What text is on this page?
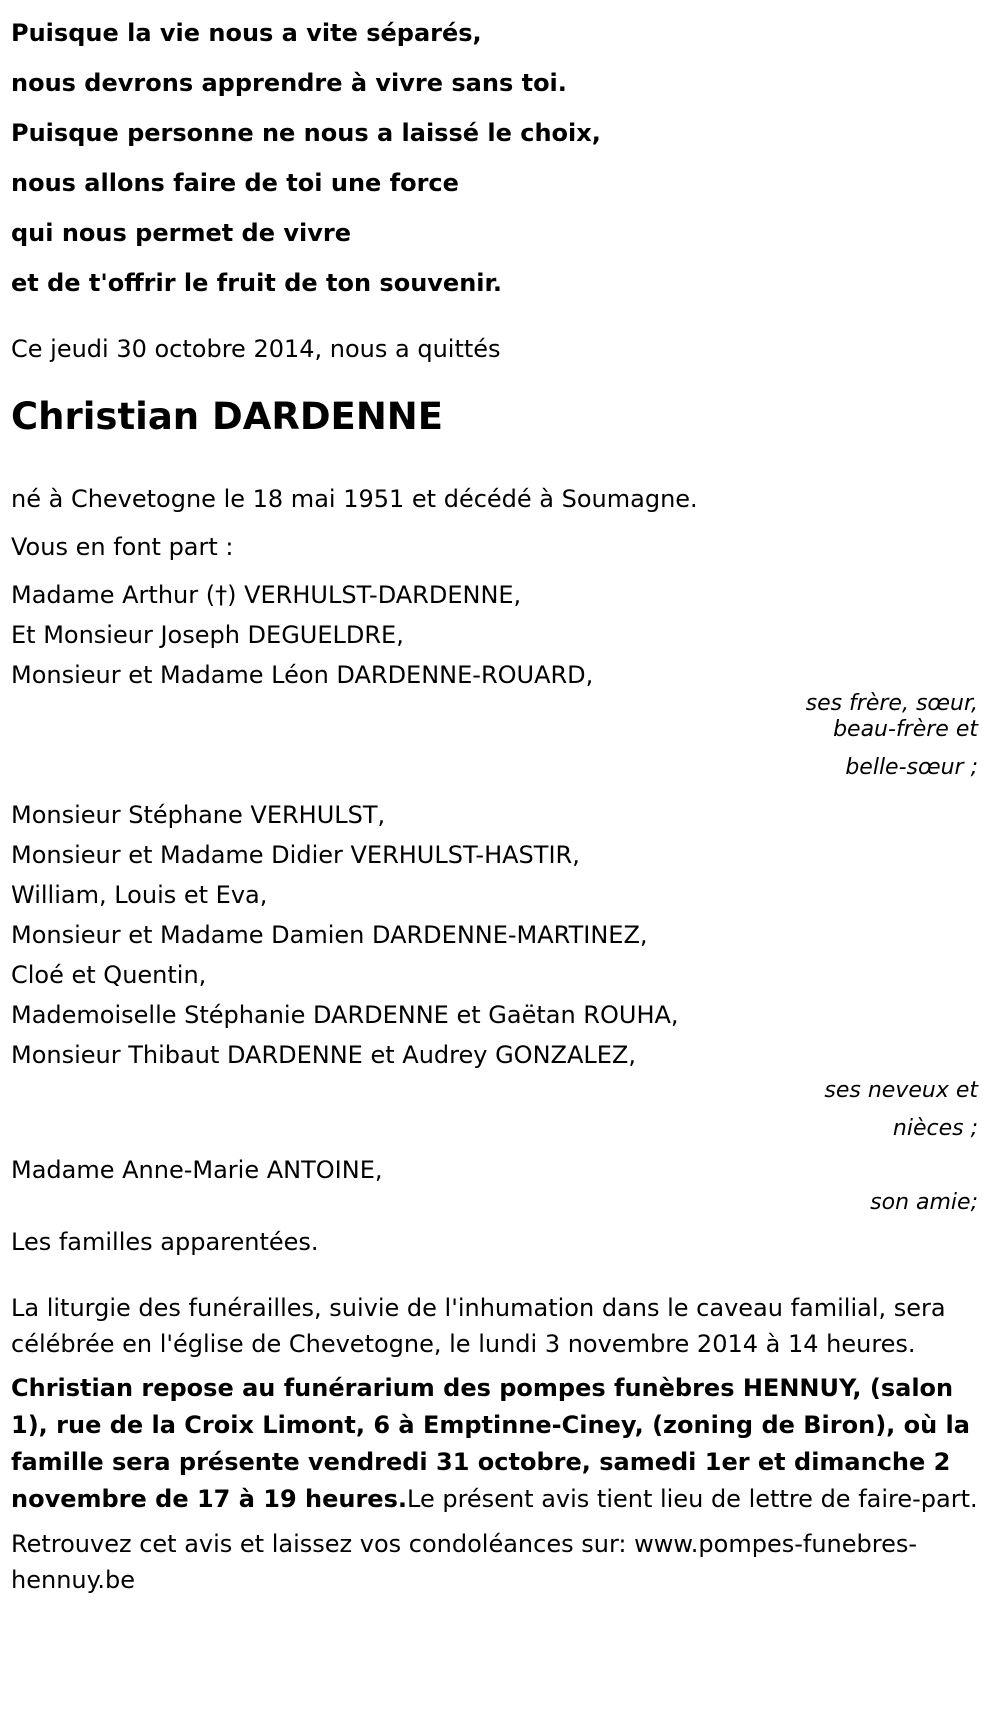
Puisque la vie nous a vite séparés,
nous devrons apprendre à vivre sans toi.
Puisque personne ne nous a laissé le choix,
nous allons faire de toi une force
qui nous permet de vivre
et de t'offrir le fruit de ton souvenir.
Ce jeudi 30 octobre 2014, nous a quittés
Christian DARDENNE
né à Chevetogne le 18 mai 1951 et décédé à Soumagne.
Vous en font part :
Madame Arthur (†) VERHULST-DARDENNE,
Et Monsieur Joseph DEGUELDRE,
Monsieur et Madame Léon DARDENNE-ROUARD,
ses frère, sœur,
beau-frère et
belle-sœur ;
Monsieur Stéphane VERHULST,
Monsieur et Madame Didier VERHULST-HASTIR,
William, Louis et Eva,
Monsieur et Madame Damien DARDENNE-MARTINEZ,
Cloé et Quentin,
Mademoiselle Stéphanie DARDENNE et Gaëtan ROUHA,
Monsieur Thibaut DARDENNE et Audrey GONZALEZ,
ses neveux et
nièces ;
Madame Anne-Marie ANTOINE,
son amie;
Les familles apparentées.
La liturgie des funérailles, suivie de l'inhumation dans le caveau familial, sera célébrée en l'église de Chevetogne, le lundi 3 novembre 2014 à 14 heures.
Christian repose au funérarium des pompes funèbres HENNUY, (salon 1), rue de la Croix Limont, 6 à Emptinne-Ciney, (zoning de Biron), où la famille sera présente vendredi 31 octobre, samedi 1er et dimanche 2 novembre de 17 à 19 heures.Le présent avis tient lieu de lettre de faire-part.
Retrouvez cet avis et laissez vos condoléances sur: www.pompes-funebres-hennuy.be
